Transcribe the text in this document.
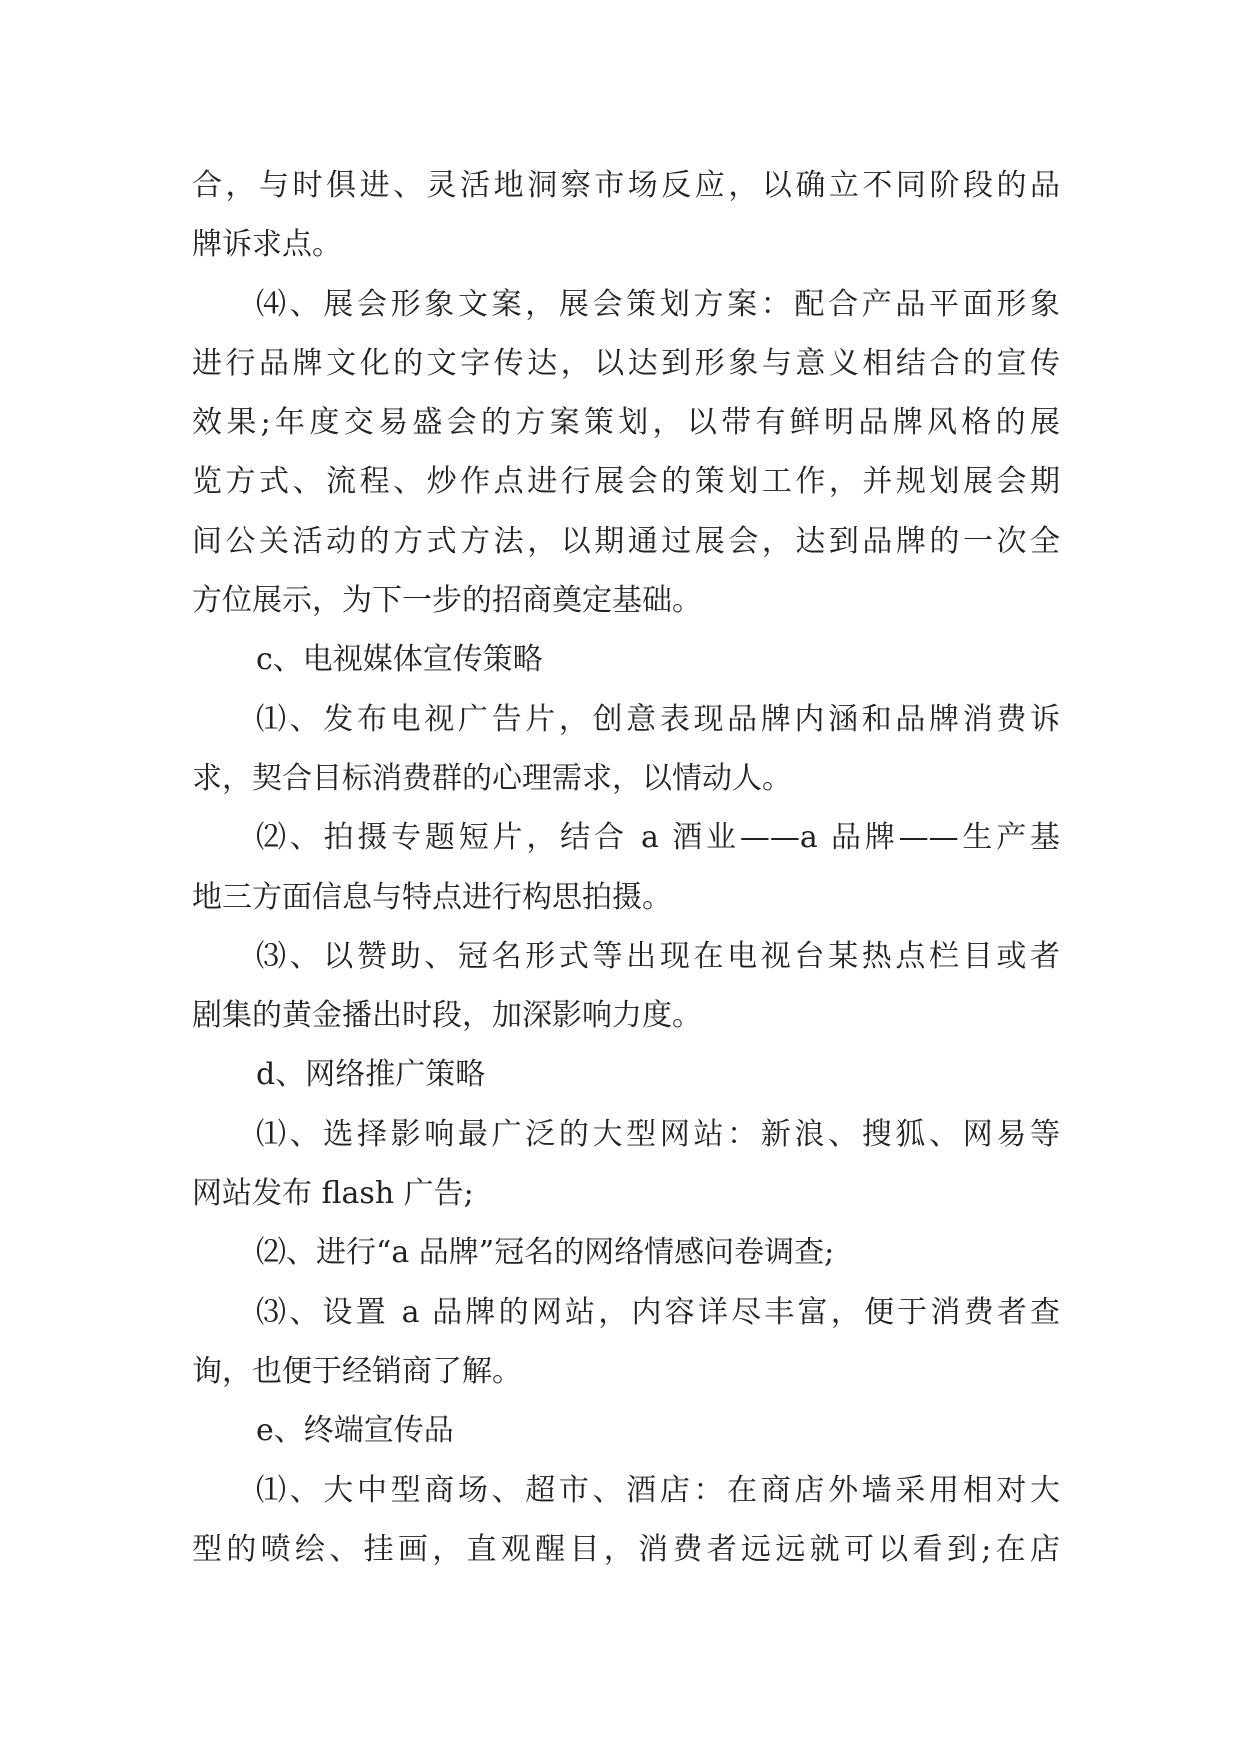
合，与时俱进、灵活地洞察市场反应，以确立不同阶段的品
牌诉求点。
⑷、展会形象文案，展会策划方案：配合产品平面形象
进行品牌文化的文字传达，以达到形象与意义相结合的宣传
效果;年度交易盛会的方案策划，以带有鲜明品牌风格的展
览方式、流程、炒作点进行展会的策划工作，并规划展会期
间公关活动的方式方法，以期通过展会，达到品牌的一次全
方位展示，为下一步的招商奠定基础。
c、电视媒体宣传策略
⑴、发布电视广告片，创意表现品牌内涵和品牌消费诉
求，契合目标消费群的心理需求，以情动人。
⑵、拍摄专题短片，结合 a 酒业——a 品牌——生产基
地三方面信息与特点进行构思拍摄。
⑶、以赞助、冠名形式等出现在电视台某热点栏目或者
剧集的黄金播出时段，加深影响力度。
d、网络推广策略
⑴、选择影响最广泛的大型网站：新浪、搜狐、网易等
网站发布 flash 广告;
⑵、进行“a 品牌”冠名的网络情感问卷调查;
⑶、设置 a 品牌的网站，内容详尽丰富，便于消费者查
询，也便于经销商了解。
e、终端宣传品
⑴、大中型商场、超市、酒店：在商店外墙采用相对大
型的喷绘、挂画，直观醒目，消费者远远就可以看到;在店
